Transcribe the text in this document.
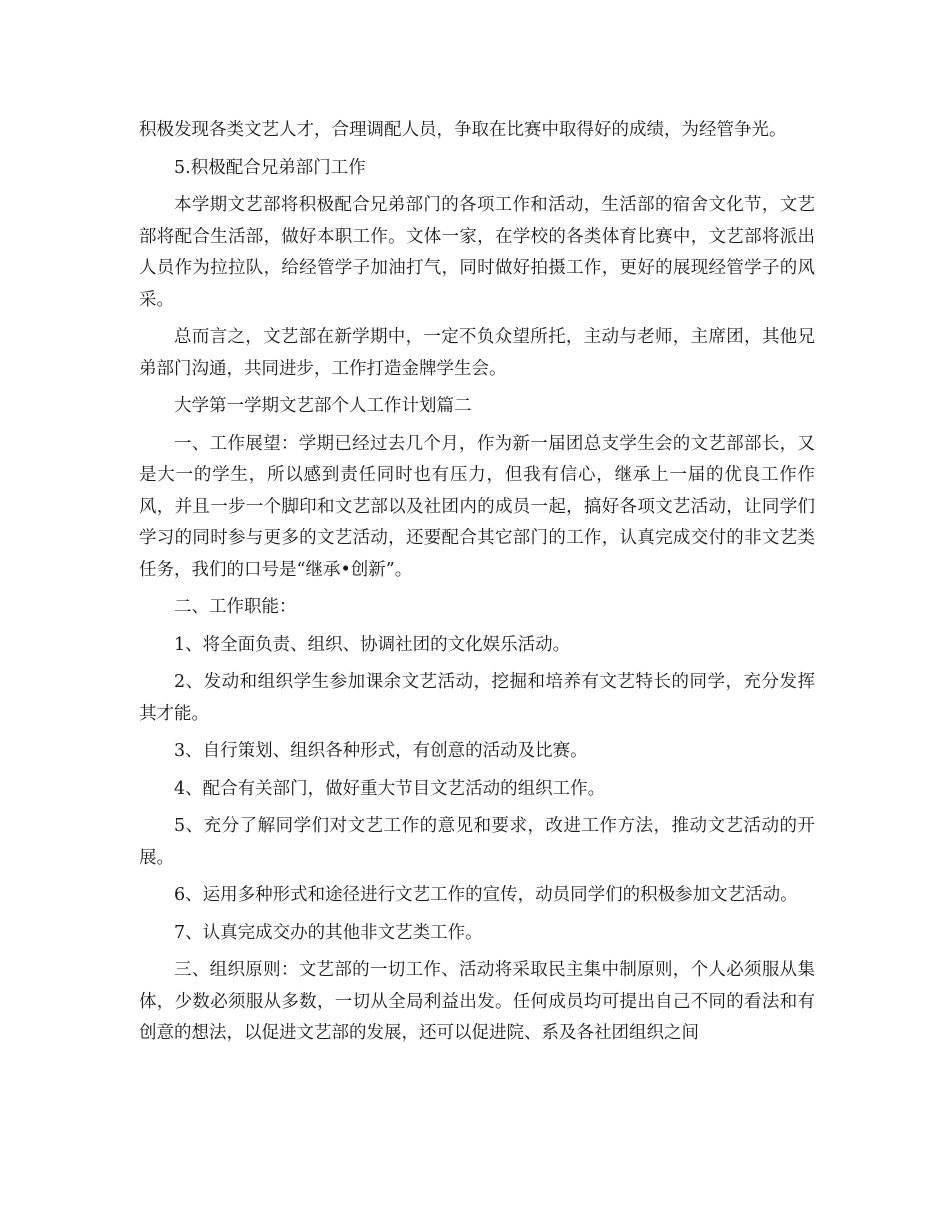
积极发现各类文艺人才，合理调配人员，争取在比赛中取得好的成绩，为经管争光。

5.积极配合兄弟部门工作

本学期文艺部将积极配合兄弟部门的各项工作和活动，生活部的宿舍文化节，文艺部将配合生活部，做好本职工作。文体一家，在学校的各类体育比赛中，文艺部将派出人员作为拉拉队，给经管学子加油打气，同时做好拍摄工作，更好的展现经管学子的风采。

总而言之，文艺部在新学期中，一定不负众望所托，主动与老师，主席团，其他兄弟部门沟通，共同进步，工作打造金牌学生会。

大学第一学期文艺部个人工作计划篇二

一、工作展望：学期已经过去几个月，作为新一届团总支学生会的文艺部部长，又是大一的学生，所以感到责任同时也有压力，但我有信心，继承上一届的优良工作作风，并且一步一个脚印和文艺部以及社团内的成员一起，搞好各项文艺活动，让同学们学习的同时参与更多的文艺活动，还要配合其它部门的工作，认真完成交付的非文艺类任务，我们的口号是“继承•创新”。

二、工作职能：

1、将全面负责、组织、协调社团的文化娱乐活动。

2、发动和组织学生参加课余文艺活动，挖掘和培养有文艺特长的同学，充分发挥其才能。

3、自行策划、组织各种形式，有创意的活动及比赛。

4、配合有关部门，做好重大节目文艺活动的组织工作。

5、充分了解同学们对文艺工作的意见和要求，改进工作方法，推动文艺活动的开展。

6、运用多种形式和途径进行文艺工作的宣传，动员同学们的积极参加文艺活动。

7、认真完成交办的其他非文艺类工作。

三、组织原则：文艺部的一切工作、活动将采取民主集中制原则，个人必须服从集体，少数必须服从多数，一切从全局利益出发。任何成员均可提出自己不同的看法和有创意的想法，以促进文艺部的发展，还可以促进院、系及各社团组织之间
